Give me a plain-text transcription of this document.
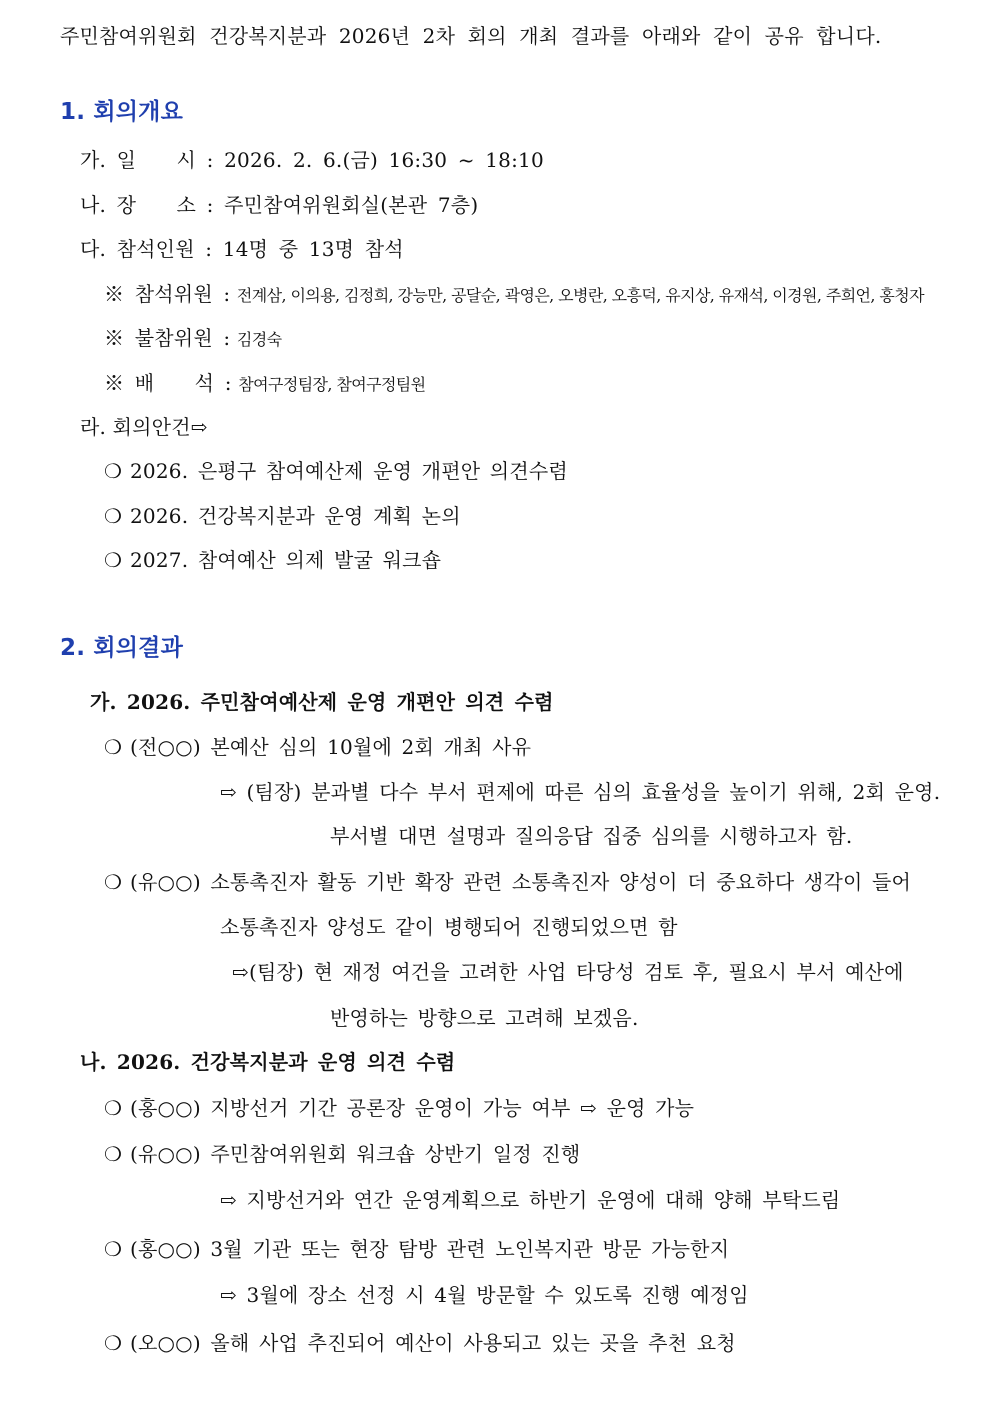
주민참여위원회 건강복지분과 2026년 2차 회의 개최 결과를 아래와 같이 공유 합니다.
1. 회의개요
가. 일　　시 : 2026. 2. 6.(금) 16:30 ~ 18:10
나. 장　　소 : 주민참여위원회실(본관 7층)
다. 참석인원 : 14명 중 13명 참석
※ 참석위원 : 전계삼, 이의용, 김정희, 강능만, 공달순, 곽영은, 오병란, 오흥덕, 유지상, 유재석, 이경원, 주희언, 홍청자
※ 불참위원 : 김경숙
※ 배　　석 : 참여구정팀장, 참여구정팀원
라. 회의안건⇨
❍ 2026. 은평구 참여예산제 운영 개편안 의견수렴
❍ 2026. 건강복지분과 운영 계획 논의
❍ 2027. 참여예산 의제 발굴 워크숍
2. 회의결과
가. 2026. 주민참여예산제 운영 개편안 의견 수렴
❍ (전○○) 본예산 심의 10월에 2회 개최 사유
⇨ (팀장) 분과별 다수 부서 편제에 따른 심의 효율성을 높이기 위해, 2회 운영.
부서별 대면 설명과 질의응답 집중 심의를 시행하고자 함.
❍ (유○○) 소통촉진자 활동 기반 확장 관련 소통촉진자 양성이 더 중요하다 생각이 들어
소통촉진자 양성도 같이 병행되어 진행되었으면 함
⇨(팀장) 현 재정 여건을 고려한 사업 타당성 검토 후, 필요시 부서 예산에
반영하는 방향으로 고려해 보겠음.
나. 2026. 건강복지분과 운영 의견 수렴
❍ (홍○○) 지방선거 기간 공론장 운영이 가능 여부 ⇨ 운영 가능
❍ (유○○) 주민참여위원회 워크숍 상반기 일정 진행
⇨ 지방선거와 연간 운영계획으로 하반기 운영에 대해 양해 부탁드림
❍ (홍○○) 3월 기관 또는 현장 탐방 관련 노인복지관 방문 가능한지
⇨ 3월에 장소 선정 시 4월 방문할 수 있도록 진행 예정임
❍ (오○○) 올해 사업 추진되어 예산이 사용되고 있는 곳을 추천 요청
